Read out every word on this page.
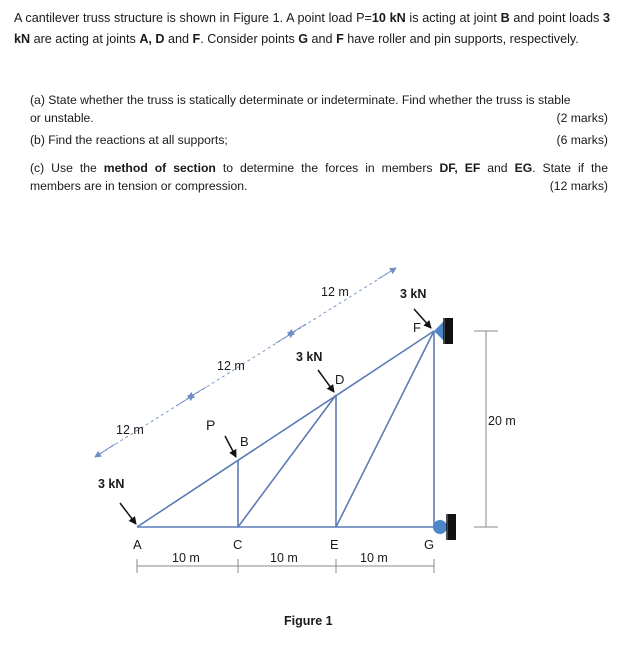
A cantilever truss structure is shown in Figure 1. A point load P=10 kN is acting at joint B and point loads 3 kN are acting at joints A, D and F. Consider points G and F have roller and pin supports, respectively.
(a) State whether the truss is statically determinate or indeterminate. Find whether the truss is stable
or unstable.	(2 marks)
(b) Find the reactions at all supports;	(6 marks)
(c) Use the method of section to determine the forces in members DF, EF and EG. State if the
members are in tension or compression.	(12 marks)
A
B
C
D
E
F
G
P
3 kN
3 kN
3 kN
12 m
12 m
12 m
10 m	10 m	10 m
20 m
Figure 1
